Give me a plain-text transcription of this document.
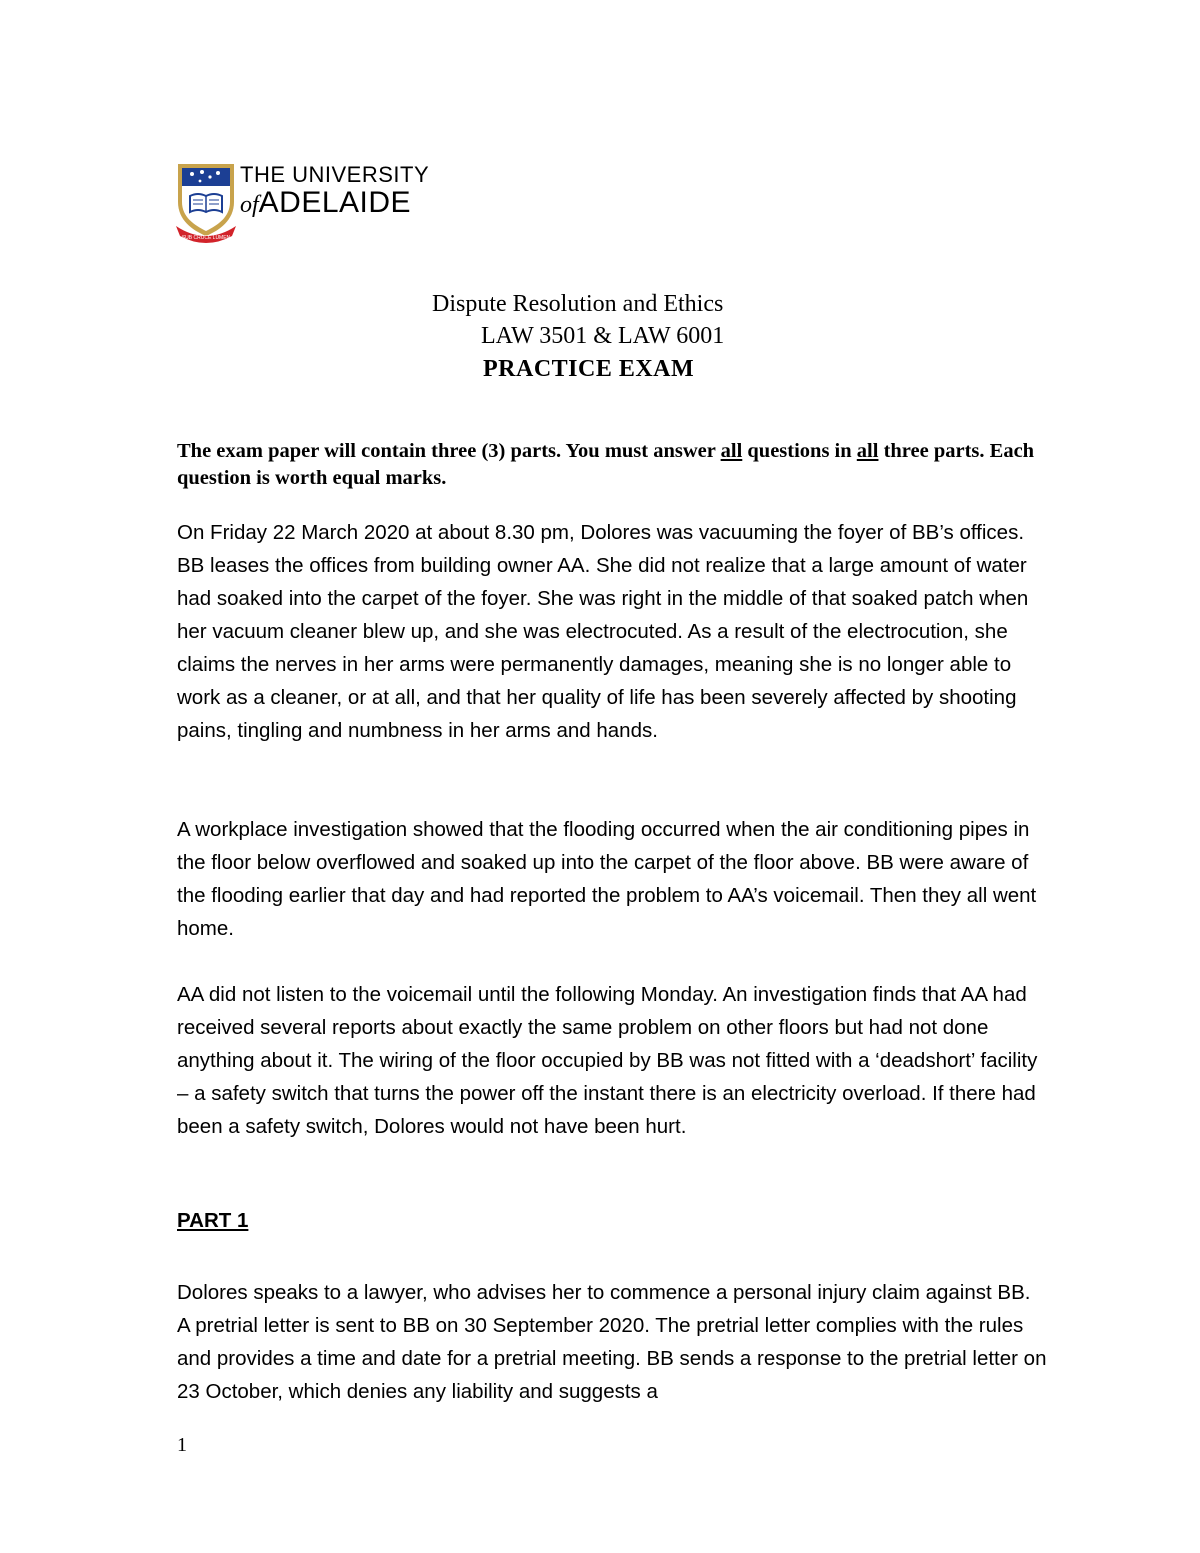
SUB CRUCE LUMEN
THE UNIVERSITY
ofADELAIDE
Dispute Resolution and Ethics
LAW 3501 & LAW 6001
PRACTICE EXAM

The exam paper will contain three (3) parts. You must answer all questions in all three parts. Each question is worth equal marks.

On Friday 22 March 2020 at about 8.30 pm, Dolores was vacuuming the foyer of BB’s offices. BB leases the offices from building owner AA. She did not realize that a large amount of water had soaked into the carpet of the foyer. She was right in the middle of that soaked patch when her vacuum cleaner blew up, and she was electrocuted. As a result of the electrocution, she claims the nerves in her arms were permanently damages, meaning she is no longer able to work as a cleaner, or at all, and that her quality of life has been severely affected by shooting pains, tingling and numbness in her arms and hands.

A workplace investigation showed that the flooding occurred when the air conditioning pipes in the floor below overflowed and soaked up into the carpet of the floor above. BB were aware of the flooding earlier that day and had reported the problem to AA’s voicemail. Then they all went home.

AA did not listen to the voicemail until the following Monday. An investigation finds that AA had received several reports about exactly the same problem on other floors but had not done anything about it. The wiring of the floor occupied by BB was not fitted with a ‘deadshort’ facility – a safety switch that turns the power off the instant there is an electricity overload. If there had been a safety switch, Dolores would not have been hurt.

PART 1

Dolores speaks to a lawyer, who advises her to commence a personal injury claim against BB. A pretrial letter is sent to BB on 30 September 2020. The pretrial letter complies with the rules and provides a time and date for a pretrial meeting. BB sends a response to the pretrial letter on 23 October, which denies any liability and suggests a

1
